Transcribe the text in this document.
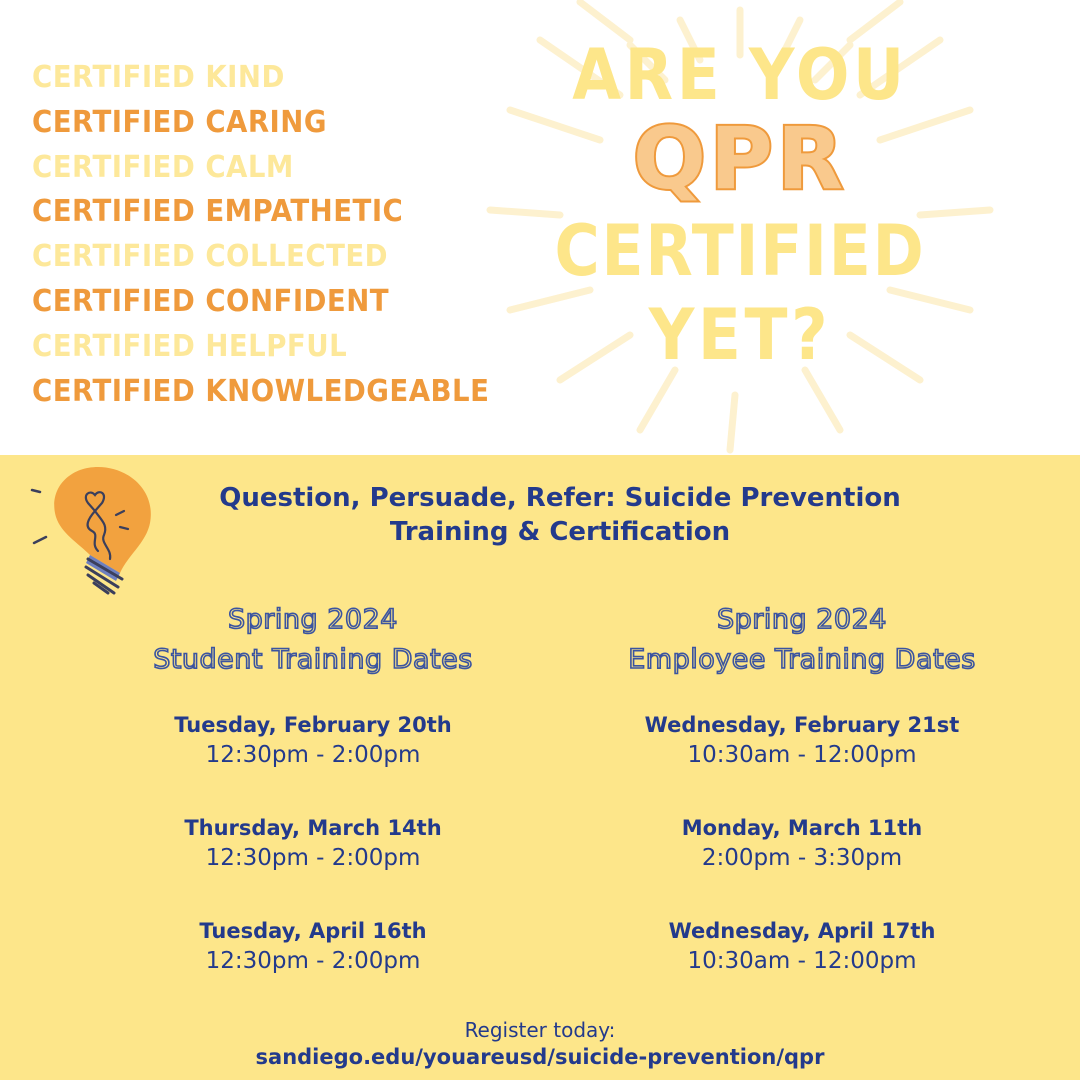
CERTIFIED KIND
CERTIFIED CARING
CERTIFIED CALM
CERTIFIED EMPATHETIC
CERTIFIED COLLECTED
CERTIFIED CONFIDENT
CERTIFIED HELPFUL
CERTIFIED KNOWLEDGEABLE
ARE YOU
QPR
CERTIFIED
YET?
Question, Persuade, Refer: Suicide Prevention
Training & Certification
Spring 2024
Student Training Dates
Tuesday, February 20th
12:30pm - 2:00pm
Thursday, March 14th
12:30pm - 2:00pm
Tuesday, April 16th
12:30pm - 2:00pm
Spring 2024
Employee Training Dates
Wednesday, February 21st
10:30am - 12:00pm
Monday, March 11th
2:00pm - 3:30pm
Wednesday, April 17th
10:30am - 12:00pm
Register today:
sandiego.edu/youareusd/suicide-prevention/qpr
